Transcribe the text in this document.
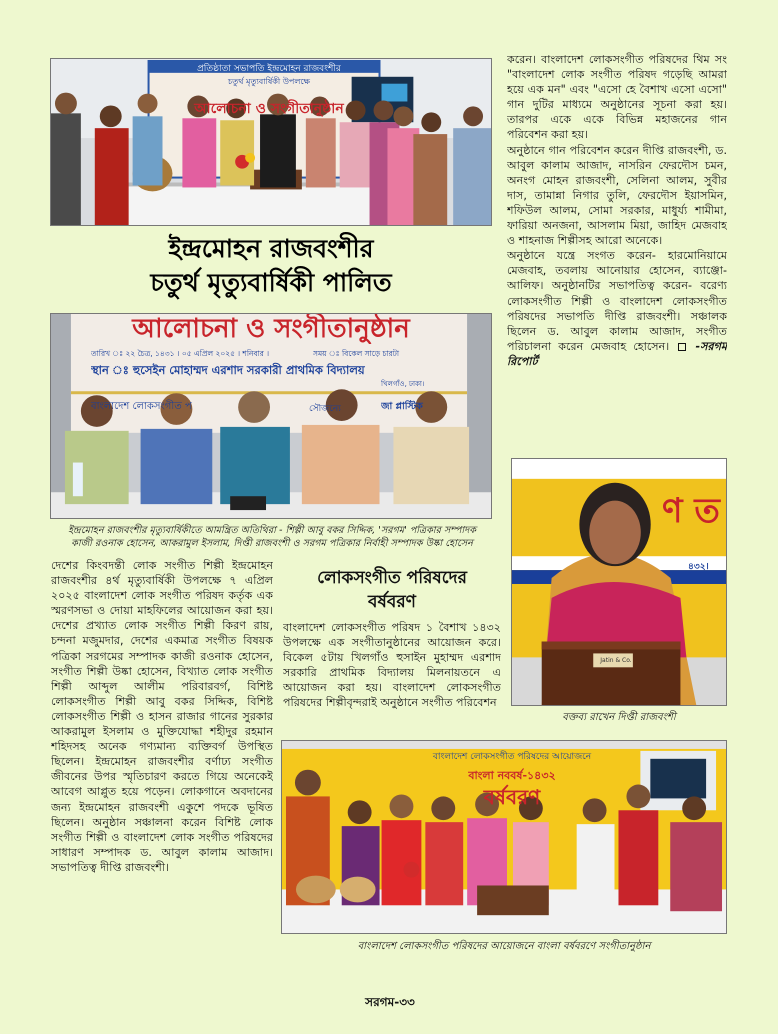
প্রতিষ্ঠাতা সভাপতি ইন্দ্রমোহন রাজবংশীর
চতুর্থ মৃত্যুবার্ষিকী উপলক্ষে
আলোচনা ও সংগীতানুষ্ঠান
ইন্দ্রমোহন রাজবংশীর
চতুর্থ মৃত্যুবার্ষিকী পালিত
আলোচনা ও সংগীতানুষ্ঠান
তারিখ ঃ ২২ চৈত্র, ১৪৩১ । ০৫ এপ্রিল ২০২৫ । শনিবার ।	সময় ঃ বিকেল সাড়ে চারটা
স্থান ঃ হুসেইন মোহাম্মদ এরশাদ সরকারী প্রাথমিক বিদ্যালয়
খিলগাঁও, ঢাকা।
বাংলাদেশ লোকসংগীত প	সৌজন্যে	জা প্লাস্টিক
ইন্দ্রমোহন রাজবংশীর মৃত্যুবার্ষিকীতে আমন্ত্রিত অতিথিরা - শিল্পী আবু বকর সিদ্দিক, 'সরগম' পত্রিকার সম্পাদক
কাজী রওনাক হোসেন, আকরামুল ইসলাম, দিপ্তী রাজবংশী ও সরগম পত্রিকার নির্বাহী সম্পাদক উষ্কা হোসেন

দেশের কিংবদন্তী লোক সংগীত শিল্পী ইন্দ্রমোহন রাজবংশীর ৪র্থ মৃত্যুবার্ষিকী উপলক্ষে ৭ এপ্রিল ২০২৫ বাংলাদেশ লোক সংগীত পরিষদ কর্তৃক এক স্মরণসভা ও দোয়া মাহফিলের আয়োজন করা হয়। দেশের প্রখ্যাত লোক সংগীত শিল্পী কিরণ রায়, চন্দনা মজুমদার, দেশের একমাত্র সংগীত বিষয়ক পত্রিকা সরগমের সম্পাদক কাজী রওনাক হোসেন, সংগীত শিল্পী উষ্কা হোসেন, বিখ্যাত লোক সংগীত শিল্পী আব্দুল আলীম পরিবারবর্গ, বিশিষ্ট লোকসংগীত শিল্পী আবু বকর সিদ্দিক, বিশিষ্ট লোকসংগীত শিল্পী ও হাসন রাজার গানের সুরকার আকরামুল ইসলাম ও মুক্তিযোদ্ধা শহীদুর রহমান শহিদসহ অনেক গণ্যমান্য ব্যক্তিবর্গ উপস্থিত ছিলেন। ইন্দ্রমোহন রাজবংশীর বর্ণাঢ্য সংগীত জীবনের উপর স্মৃতিচারণ করতে গিয়ে অনেকেই আবেগ আপ্লুত হয়ে পড়েন। লোকগানে অবদানের জন্য ইন্দ্রমোহন রাজবংশী একুশে পদকে ভূষিত ছিলেন। অনুষ্ঠান সঞ্চালনা করেন বিশিষ্ট লোক সংগীত শিল্পী ও বাংলাদেশ লোক সংগীত পরিষদের সাধারণ সম্পাদক ড. আবুল কালাম আজাদ। সভাপতিত্ব দীপ্তি রাজবংশী।

লোকসংগীত পরিষদের
বর্ষবরণ

বাংলাদেশ লোকসংগীত পরিষদ ১ বৈশাখ ১৪৩২ উপলক্ষে এক সংগীতানুষ্ঠানের আয়োজন করে। বিকেল ৫টায় খিলগাঁও হুসাইন মুহাম্মদ এরশাদ সরকারি প্রাথমিক বিদ্যালয় মিলনায়তনে এ আয়োজন করা হয়। বাংলাদেশ লোকসংগীত পরিষদের শিল্পীবৃন্দরাই অনুষ্ঠানে সংগীত পরিবেশন

করেন। বাংলাদেশ লোকসংগীত পরিষদের থিম সং "বাংলাদেশ লোক সংগীত পরিষদ গড়েছি আমরা হয়ে এক মন" এবং "এসো হে বৈশাখ এসো এসো" গান দুটির মাধ্যমে অনুষ্ঠানের সূচনা করা হয়। তারপর একে একে বিভিন্ন মহাজনের গান পরিবেশন করা হয়।

অনুষ্ঠানে গান পরিবেশন করেন দীপ্তি রাজবংশী, ড. আবুল কালাম আজাদ, নাসরিন ফেরদৌস চমন, অনংগ মোহন রাজবংশী, সেলিনা আলম, সুবীর দাস, তামান্না নিগার তুলি, ফেরদৌস ইয়াসমিন, শফিউল আলম, সোমা সরকার, মাধুর্য্য শামীমা, ফারিয়া অনজনা, আসলাম মিয়া, জাহিদ মেজবাহ ও শাহনাজ শিল্পীসহ আরো অনেকে।

অনুষ্ঠানে যন্ত্রে সংগত করেন- হারমোনিয়ামে মেজবাহ, তবলায় আনোয়ার হোসেন, ব্যাঞ্জো- আলিফ। অনুষ্ঠানটির সভাপতিত্ব করেন- বরেণ্য লোকসংগীত শিল্পী ও বাংলাদেশ লোকসংগীত পরিষদের সভাপতি দীপ্তি রাজবংশী। সঞ্চালক ছিলেন ড. আবুল কালাম আজাদ, সংগীত পরিচালনা করেন মেজবাহ হোসেন। -সরগম রিপোর্ট

ণ ত
৪৩২।
Jatin & Co.
বক্তব্য রাখেন দিপ্তী রাজবংশী
বাংলাদেশ লোকসংগীত পরিষদের আয়োজনে
বাংলা নববর্ষ-১৪৩২
বর্ষবরণ
বাংলাদেশ লোকসংগীত পরিষদের আয়োজনে বাংলা বর্ষবরণে সংগীতানুষ্ঠান
সরগম-৩৩
